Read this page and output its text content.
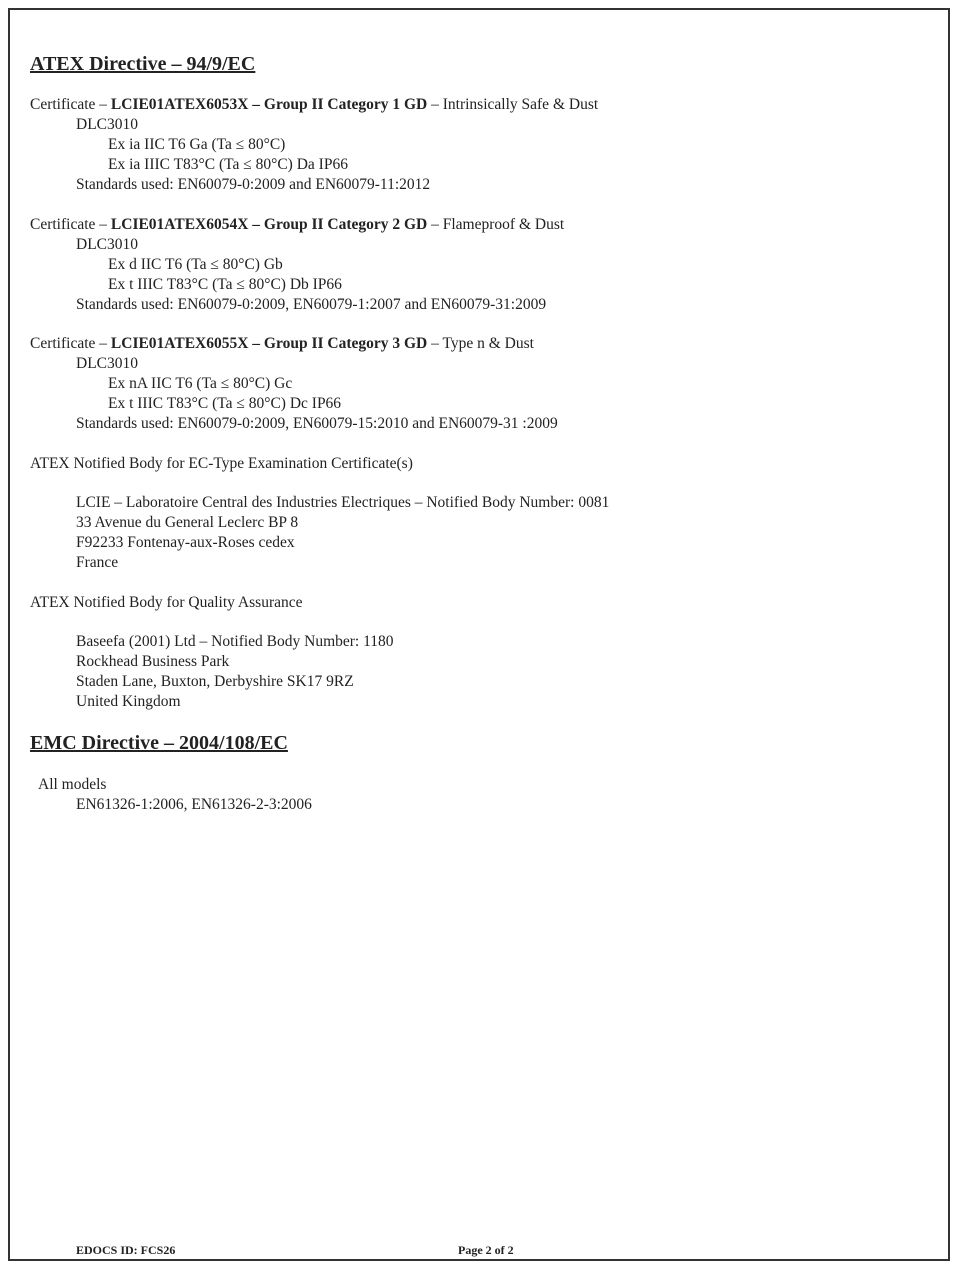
ATEX Directive – 94/9/EC
Certificate – LCIE01ATEX6053X – Group II Category 1 GD – Intrinsically Safe & Dust
DLC3010
Ex ia IIC T6 Ga (Ta ≤ 80°C)
Ex ia IIIC T83°C (Ta ≤ 80°C) Da IP66
Standards used: EN60079-0:2009 and EN60079-11:2012
Certificate – LCIE01ATEX6054X – Group II Category 2 GD – Flameproof & Dust
DLC3010
Ex d IIC T6 (Ta ≤ 80°C) Gb
Ex t IIIC T83°C (Ta ≤ 80°C) Db IP66
Standards used: EN60079-0:2009, EN60079-1:2007 and EN60079-31:2009
Certificate – LCIE01ATEX6055X – Group II Category 3 GD – Type n & Dust
DLC3010
Ex nA IIC T6 (Ta ≤ 80°C) Gc
Ex t IIIC T83°C (Ta ≤ 80°C) Dc IP66
Standards used: EN60079-0:2009, EN60079-15:2010 and EN60079-31 :2009
ATEX Notified Body for EC-Type Examination Certificate(s)
LCIE – Laboratoire Central des Industries Electriques – Notified Body Number: 0081
33 Avenue du General Leclerc BP 8
F92233 Fontenay-aux-Roses cedex
France
ATEX Notified Body for Quality Assurance
Baseefa (2001) Ltd – Notified Body Number: 1180
Rockhead Business Park
Staden Lane, Buxton, Derbyshire SK17 9RZ
United Kingdom
EMC Directive – 2004/108/EC
All models
EN61326-1:2006, EN61326-2-3:2006
EDOCS ID: FCS26	Page 2 of 2
